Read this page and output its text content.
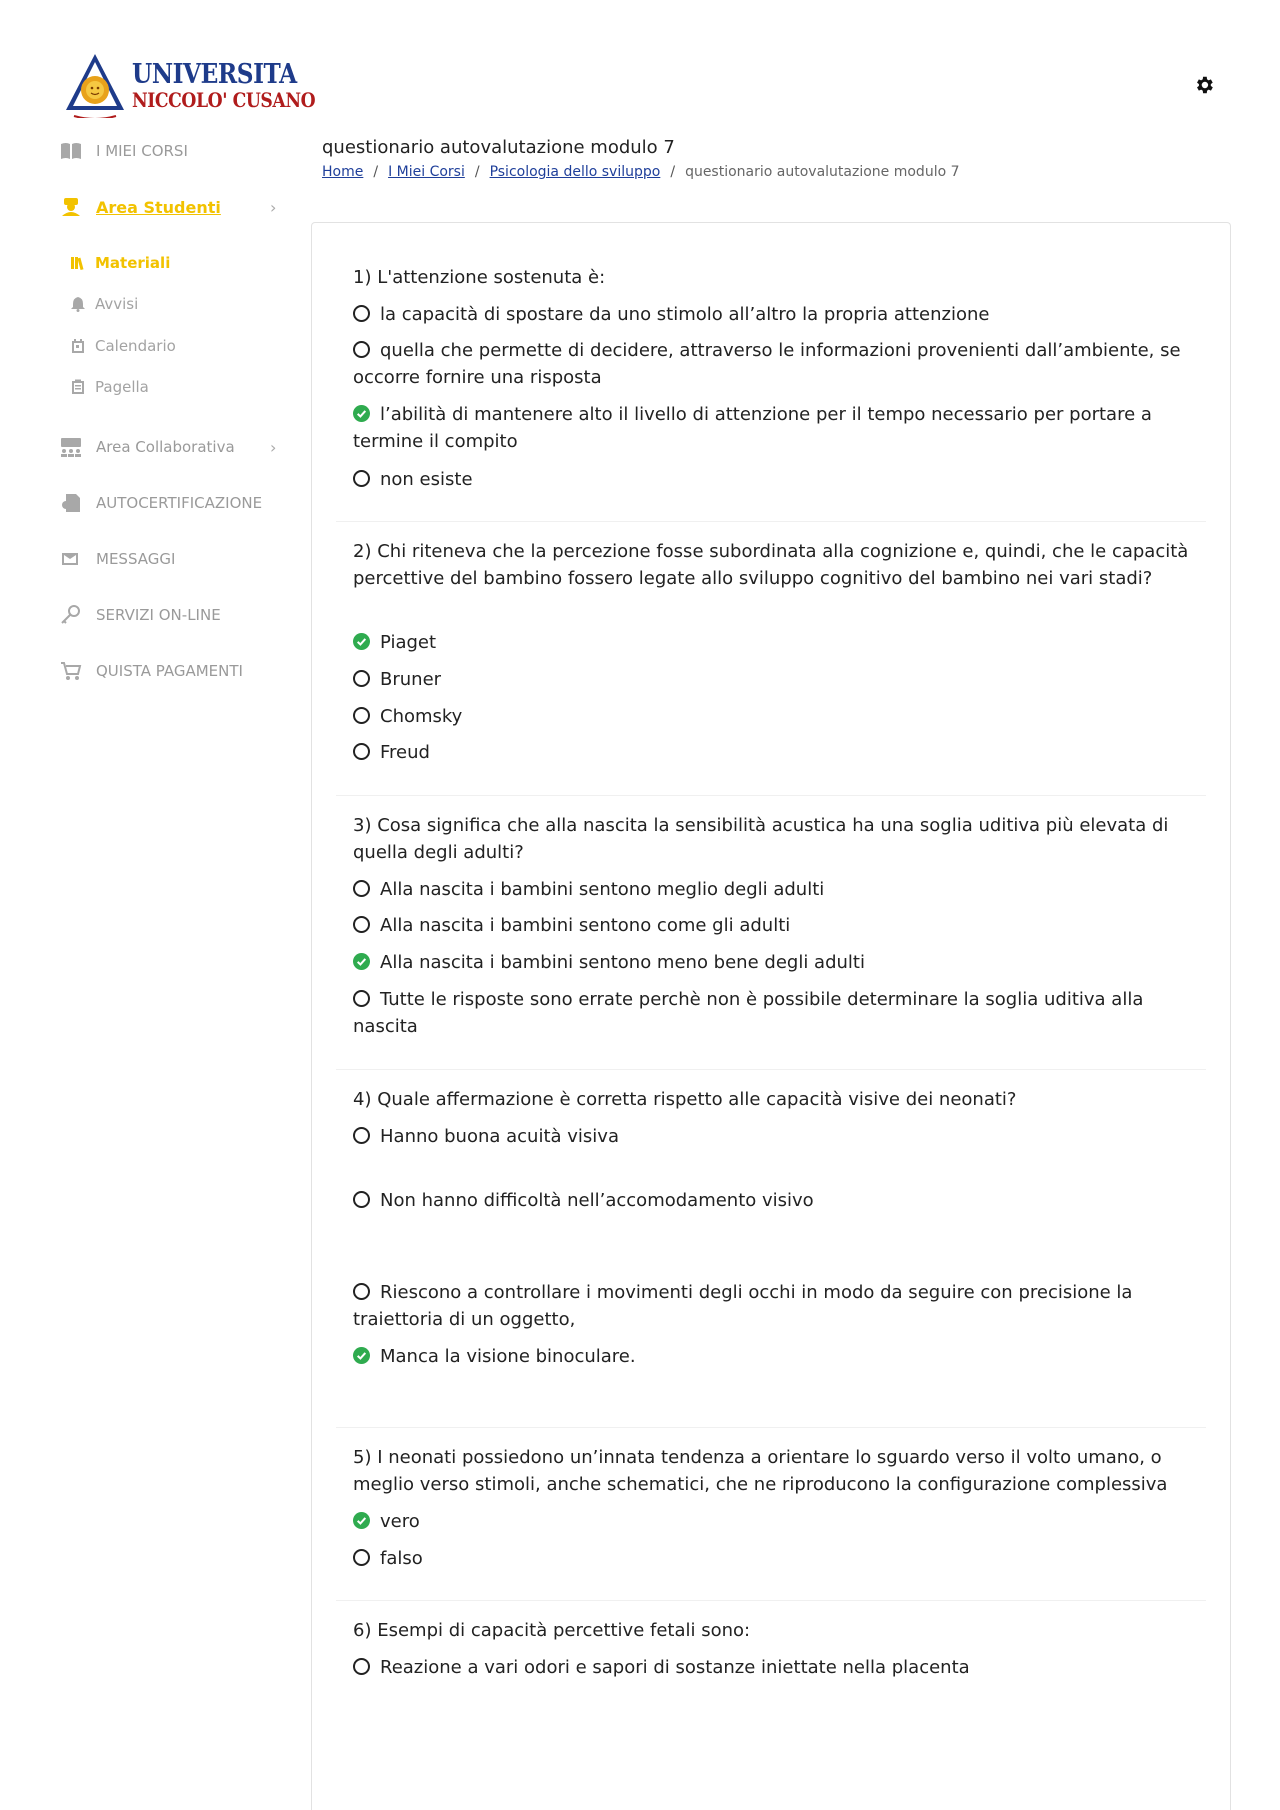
UNIVERSITA
NICCOLO' CUSANO
I MIEI CORSI
Area Studenti	›
Materiali
Avvisi
Calendario
Pagella
Area Collaborativa ›
AUTOCERTIFICAZIONE
MESSAGGI
SERVIZI ON-LINE
QUISTA PAGAMENTI
questionario autovalutazione modulo 7
Home / I Miei Corsi / Psicologia dello sviluppo / questionario autovalutazione modulo 7
1) L'attenzione sostenuta è:
la capacità di spostare da uno stimolo all’altro la propria attenzione
quella che permette di decidere, attraverso le informazioni provenienti dall’ambiente, se occorre fornire una risposta
l’abilità di mantenere alto il livello di attenzione per il tempo necessario per portare a termine il compito
non esiste
2) Chi riteneva che la percezione fosse subordinata alla cognizione e, quindi, che le capacità percettive del bambino fossero legate allo sviluppo cognitivo del bambino nei vari stadi?
Piaget
Bruner
Chomsky
Freud
3) Cosa significa che alla nascita la sensibilità acustica ha una soglia uditiva più elevata di quella degli adulti?
Alla nascita i bambini sentono meglio degli adulti
Alla nascita i bambini sentono come gli adulti
Alla nascita i bambini sentono meno bene degli adulti
Tutte le risposte sono errate perchè non è possibile determinare la soglia uditiva alla nascita
4) Quale affermazione è corretta rispetto alle capacità visive dei neonati?
Hanno buona acuità visiva
Non hanno difficoltà nell’accomodamento visivo
Riescono a controllare i movimenti degli occhi in modo da seguire con precisione la traiettoria di un oggetto,
Manca la visione binoculare.
5) I neonati possiedono un’innata tendenza a orientare lo sguardo verso il volto umano, o meglio verso stimoli, anche schematici, che ne riproducono la configurazione complessiva
vero
falso
6) Esempi di capacità percettive fetali sono:
Reazione a vari odori e sapori di sostanze iniettate nella placenta
